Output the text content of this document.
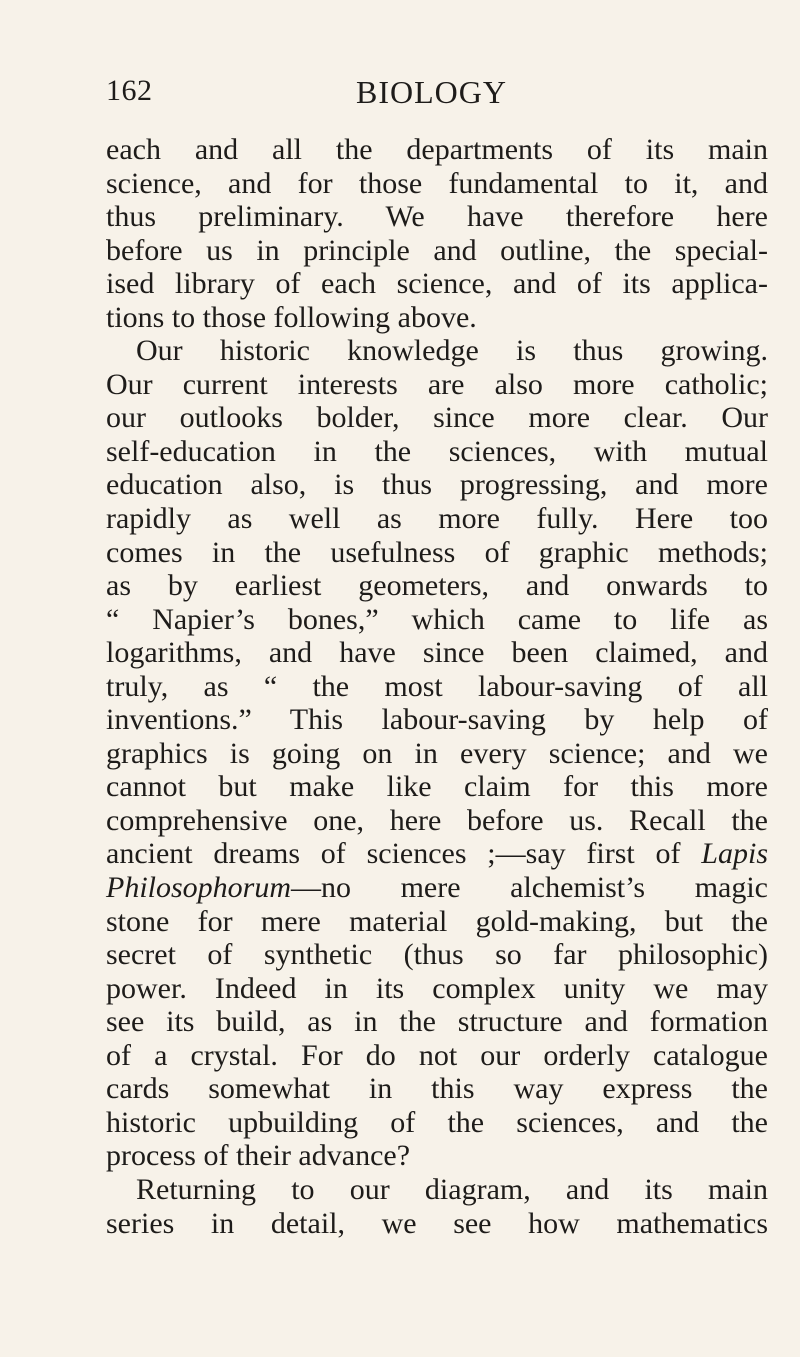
162	BIOLOGY
each and all the departments of its main
science, and for those fundamental to it, and
thus preliminary. We have therefore here
before us in principle and outline, the special-
ised library of each science, and of its applica-
tions to those following above.
Our historic knowledge is thus growing.
Our current interests are also more catholic;
our outlooks bolder, since more clear. Our
self-education in the sciences, with mutual
education also, is thus progressing, and more
rapidly as well as more fully. Here too
comes in the usefulness of graphic methods;
as by earliest geometers, and onwards to
“ Napier’s bones,” which came to life as
logarithms, and have since been claimed, and
truly, as “ the most labour-saving of all
inventions.” This labour-saving by help of
graphics is going on in every science; and we
cannot but make like claim for this more
comprehensive one, here before us. Recall the
ancient dreams of sciences ;—say first of Lapis
Philosophorum—no mere alchemist’s magic
stone for mere material gold-making, but the
secret of synthetic (thus so far philosophic)
power. Indeed in its complex unity we may
see its build, as in the structure and formation
of a crystal. For do not our orderly catalogue
cards somewhat in this way express the
historic upbuilding of the sciences, and the
process of their advance?
Returning to our diagram, and its main
series in detail, we see how mathematics
